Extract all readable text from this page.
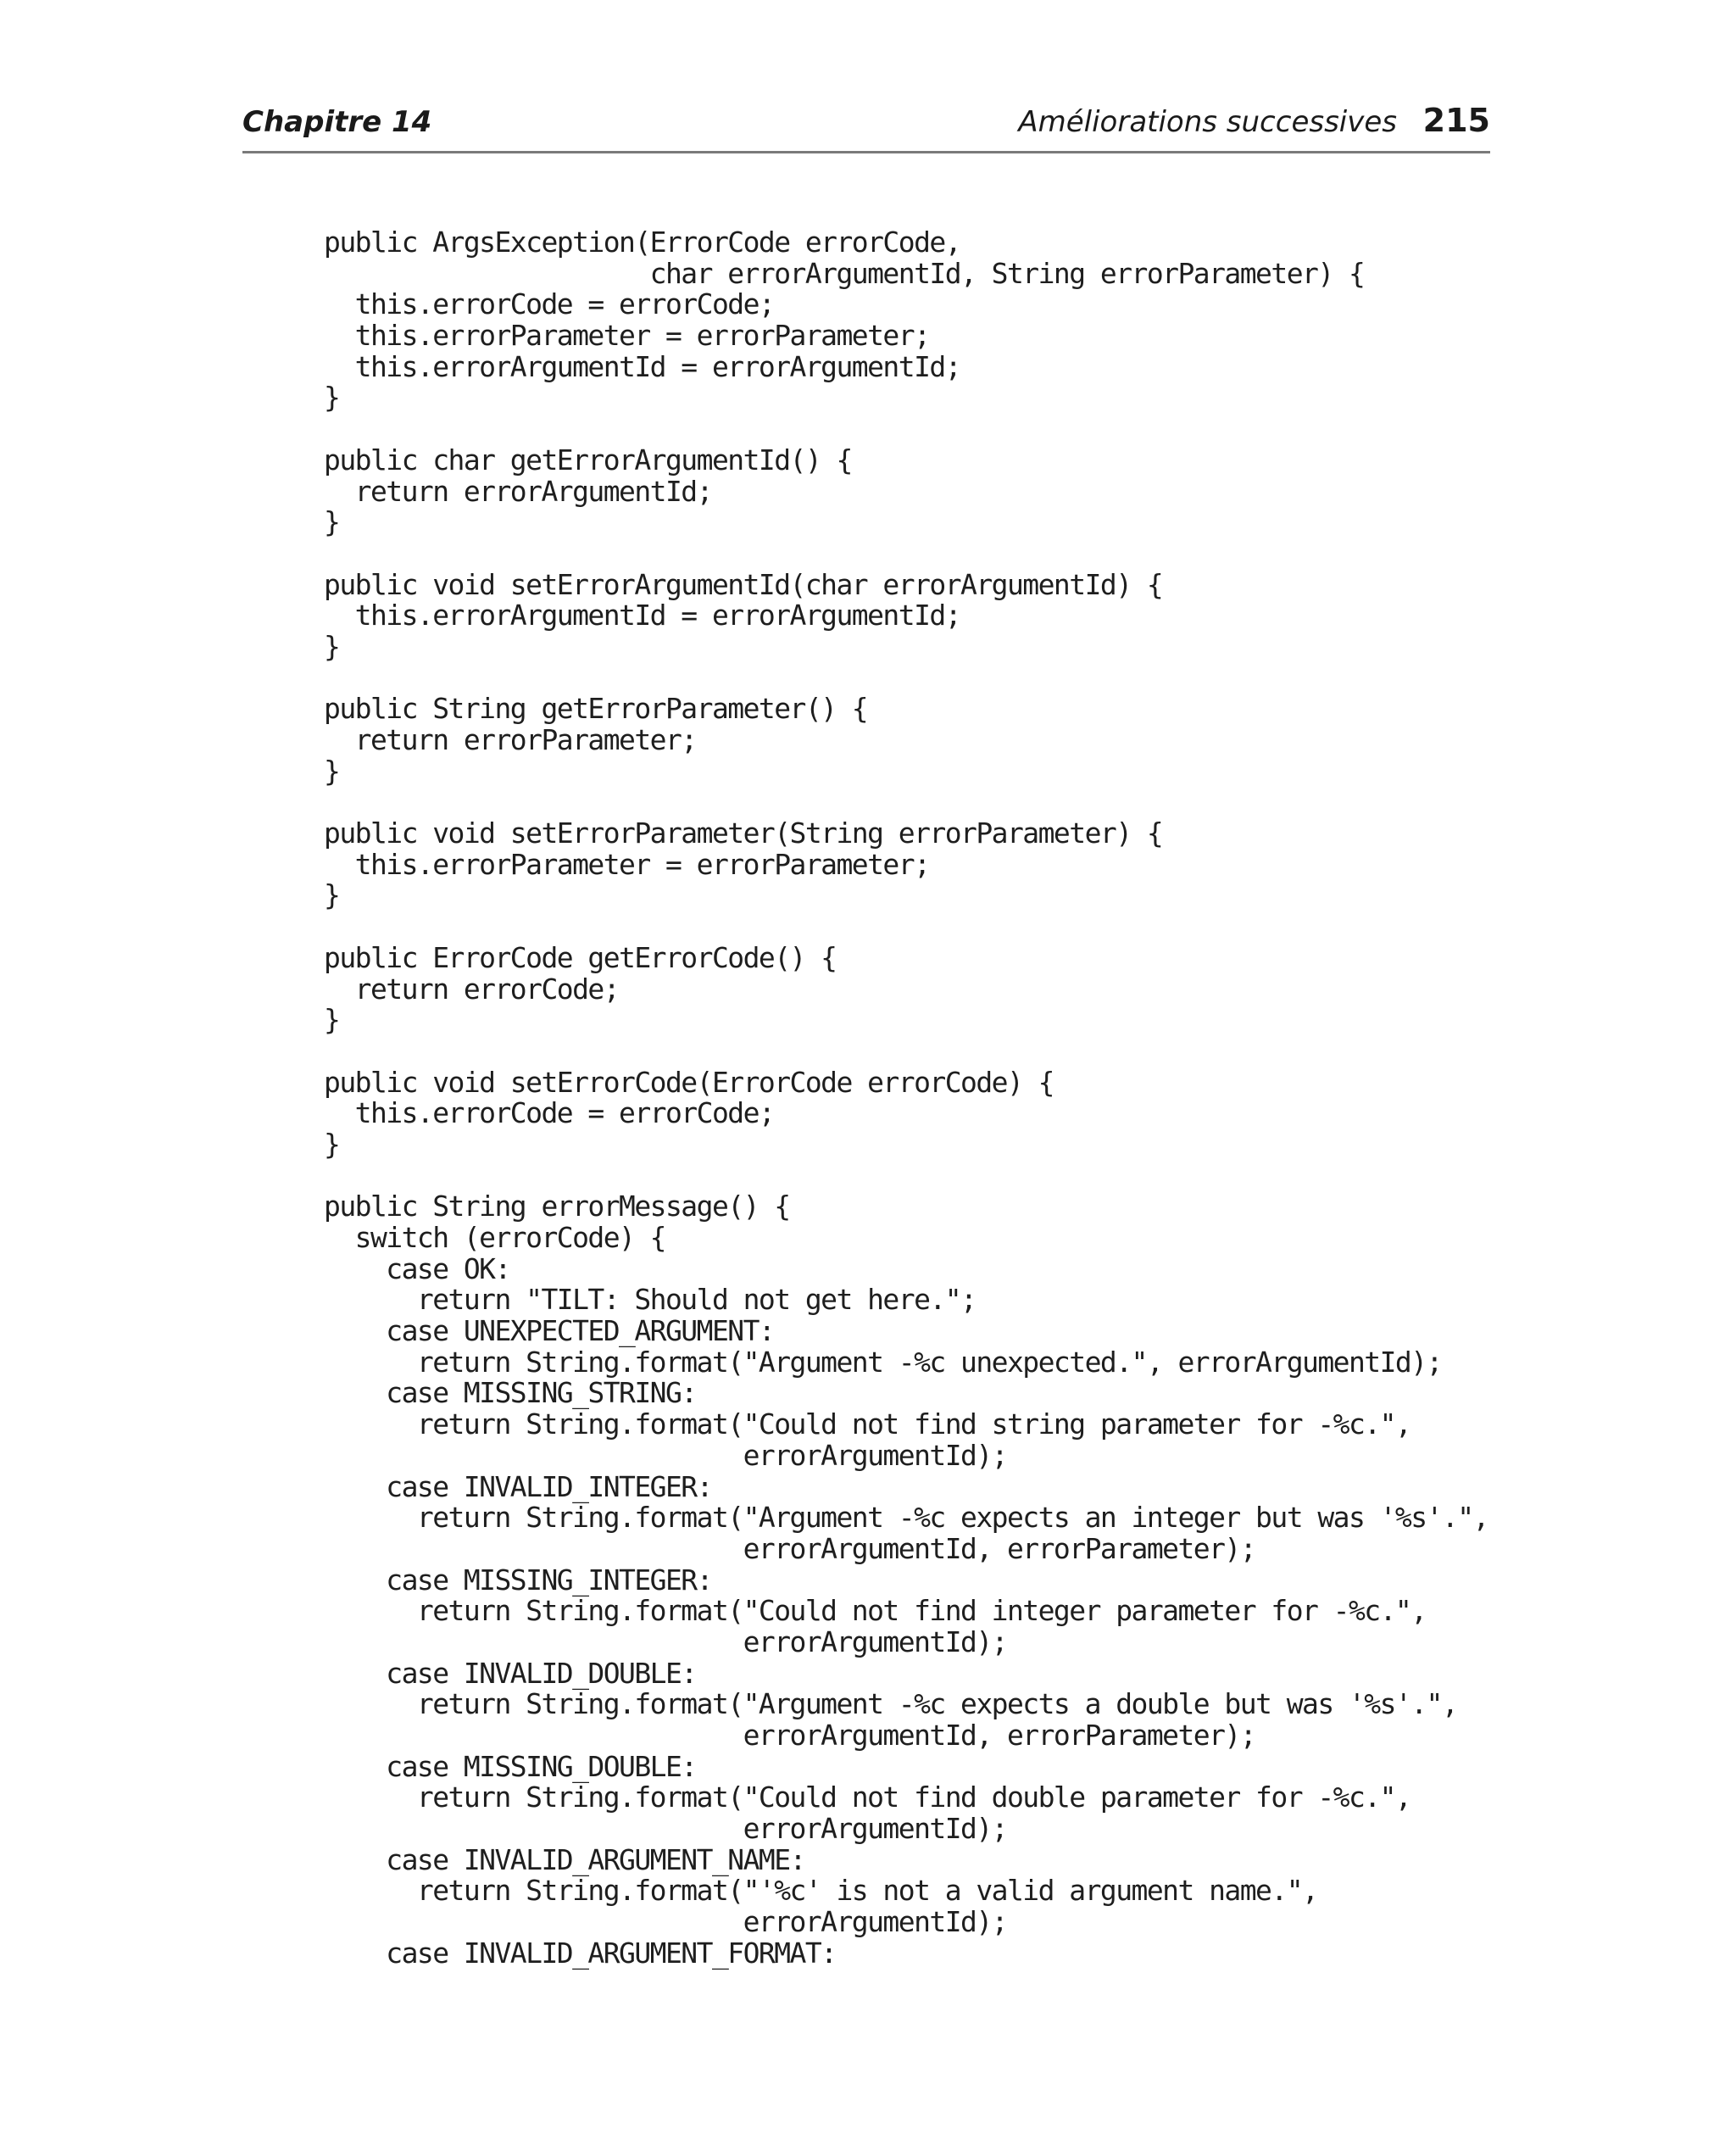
Chapitre 14	Améliorations successives 215
public ArgsException(ErrorCode errorCode,
char errorArgumentId, String errorParameter) {
this.errorCode = errorCode;
this.errorParameter = errorParameter;
this.errorArgumentId = errorArgumentId;
}
public char getErrorArgumentId() {
return errorArgumentId;
}
public void setErrorArgumentId(char errorArgumentId) {
this.errorArgumentId = errorArgumentId;
}
public String getErrorParameter() {
return errorParameter;
}
public void setErrorParameter(String errorParameter) {
this.errorParameter = errorParameter;
}
public ErrorCode getErrorCode() {
return errorCode;
}
public void setErrorCode(ErrorCode errorCode) {
this.errorCode = errorCode;
}
public String errorMessage() {
switch (errorCode) {
case OK:
return "TILT: Should not get here.";
case UNEXPECTED_ARGUMENT:
return String.format("Argument -%c unexpected.", errorArgumentId);
case MISSING_STRING:
return String.format("Could not find string parameter for -%c.",
errorArgumentId);
case INVALID_INTEGER:
return String.format("Argument -%c expects an integer but was '%s'.",
errorArgumentId, errorParameter);
case MISSING_INTEGER:
return String.format("Could not find integer parameter for -%c.",
errorArgumentId);
case INVALID_DOUBLE:
return String.format("Argument -%c expects a double but was '%s'.",
errorArgumentId, errorParameter);
case MISSING_DOUBLE:
return String.format("Could not find double parameter for -%c.",
errorArgumentId);
case INVALID_ARGUMENT_NAME:
return String.format("'%c' is not a valid argument name.",
errorArgumentId);
case INVALID_ARGUMENT_FORMAT:
